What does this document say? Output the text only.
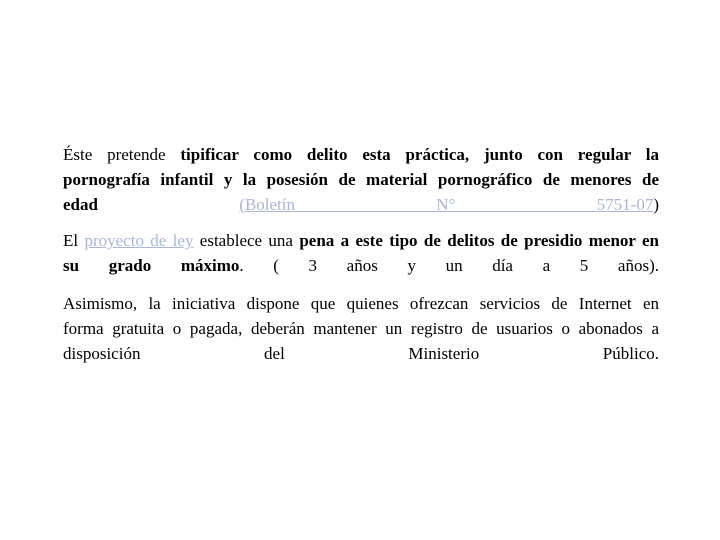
Éste pretende tipificar como delito esta práctica, junto con regular la
pornografía infantil y la posesión de material pornográfico de menores de
edad	(Boletín N° 5751-07)
El proyecto de ley establece una pena a este tipo de delitos de presidio menor en
su grado máximo. ( 3 años y un día a 5 años).
Asimismo, la iniciativa dispone que quienes ofrezcan servicios de Internet en
forma gratuita o pagada, deberán mantener un registro de usuarios o abonados a
disposición del Ministerio Público.
